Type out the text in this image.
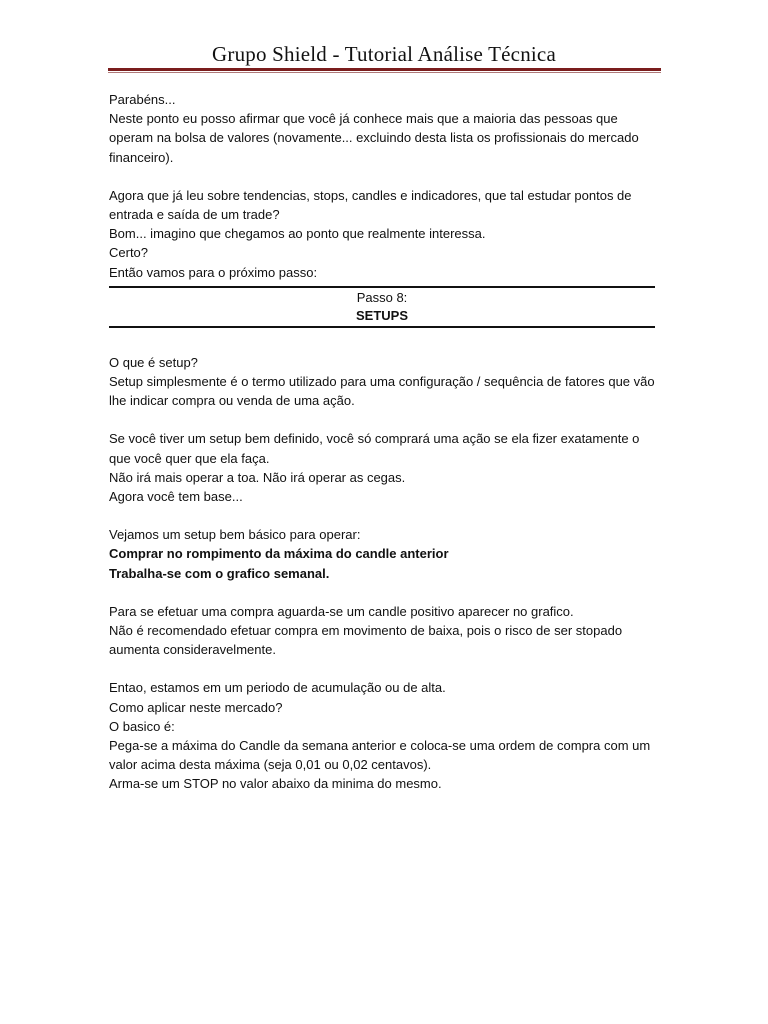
Grupo Shield - Tutorial Análise Técnica

Parabéns...

Neste ponto eu posso afirmar que você já conhece mais que a maioria das pessoas que

operam na bolsa de valores (novamente... excluindo desta lista os profissionais do mercado

financeiro).

Agora que já leu sobre tendencias, stops, candles e indicadores, que tal estudar pontos de

entrada e saída de um trade?

Bom... imagino que chegamos ao ponto que realmente interessa.

Certo?

Então vamos para o próximo passo:

Passo 8:
SETUPS

O que é setup?

Setup simplesmente é o termo utilizado para uma configuração / sequência de fatores que vão

lhe indicar compra ou venda de uma ação.

Se você tiver um setup bem definido, você só comprará uma ação se ela fizer exatamente o

que você quer que ela faça.

Não irá mais operar a toa. Não irá operar as cegas.

Agora você tem base...

Vejamos um setup bem básico para operar:

Comprar no rompimento da máxima do candle anterior

Trabalha-se com o grafico semanal.

Para se efetuar uma compra aguarda-se um candle positivo aparecer no grafico.

Não é recomendado efetuar compra em movimento de baixa, pois o risco de ser stopado

aumenta consideravelmente.

Entao, estamos em um periodo de acumulação ou de alta.

Como aplicar neste mercado?

O basico é:

Pega-se a máxima do Candle da semana anterior e coloca-se uma ordem de compra com um

valor acima desta máxima (seja 0,01 ou 0,02 centavos).

Arma-se um STOP no valor abaixo da minima do mesmo.
